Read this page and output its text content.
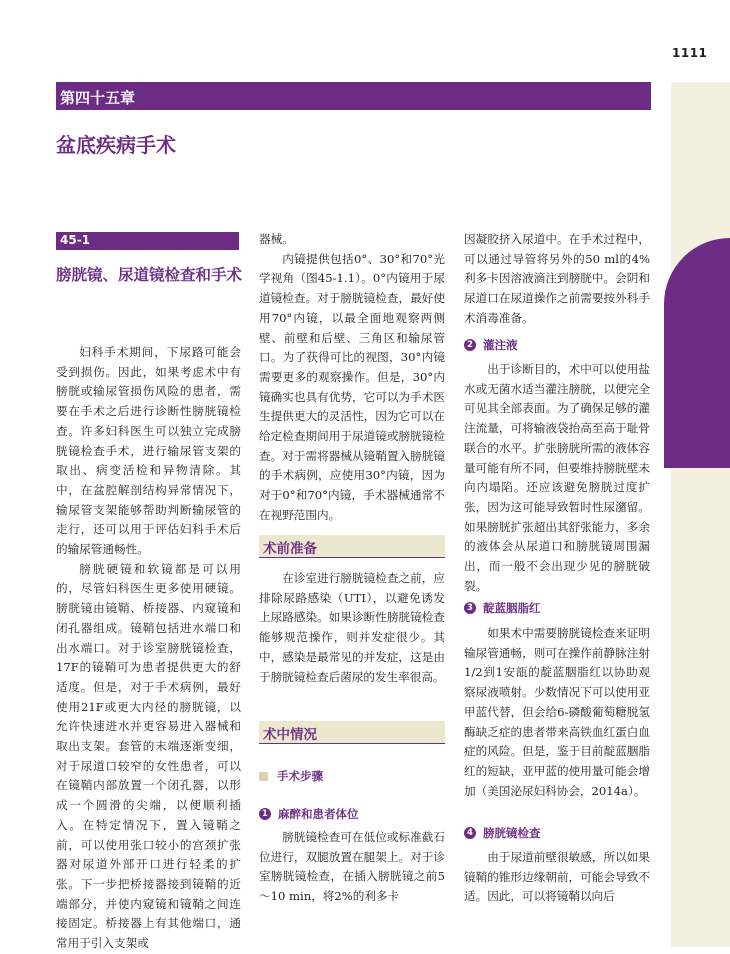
1111
第四十五章
盆底疾病手术
45-1
膀胱镜、尿道镜检查和手术

妇科手术期间，下尿路可能会受到损伤。因此，如果考虑术中有膀胱或输尿管损伤风险的患者，需要在手术之后进行诊断性膀胱镜检查。许多妇科医生可以独立完成膀胱镜检查手术，进行输尿管支架的取出、病变活检和异物清除。其中，在盆腔解剖结构异常情况下，输尿管支架能够帮助判断输尿管的走行，还可以用于评估妇科手术后的输尿管通畅性。

膀胱硬镜和软镜都是可以用的，尽管妇科医生更多使用硬镜。膀胱镜由镜鞘、桥接器、内窥镜和闭孔器组成。镜鞘包括进水端口和出水端口。对于诊室膀胱镜检查，17F的镜鞘可为患者提供更大的舒适度。但是，对于手术病例，最好使用21F或更大内径的膀胱镜，以允许快速进水并更容易进入器械和取出支架。套管的末端逐渐变细，对于尿道口较窄的女性患者，可以在镜鞘内部放置一个闭孔器，以形成一个圆滑的尖端，以便顺利插入。在特定情况下，置入镜鞘之前，可以使用张口较小的宫颈扩张器对尿道外部开口进行轻柔的扩张。下一步把桥接器接到镜鞘的近端部分，并使内窥镜和镜鞘之间连接固定。桥接器上有其他端口，通常用于引入支架或

器械。

内镜提供包括0°、30°和70°光学视角（图45-1.1）。0°内镜用于尿道镜检查。对于膀胱镜检查，最好使用70°内镜，以最全面地观察两侧壁、前壁和后壁、三角区和输尿管口。为了获得可比的视图，30°内镜需要更多的观察操作。但是，30°内镜确实也具有优势，它可以为手术医生提供更大的灵活性，因为它可以在给定检查期间用于尿道镜或膀胱镜检查。对于需将器械从镜鞘置入膀胱镜的手术病例，应使用30°内镜，因为对于0°和70°内镜，手术器械通常不在视野范围内。

术前准备

在诊室进行膀胱镜检查之前，应排除尿路感染（UTI），以避免诱发上尿路感染。如果诊断性膀胱镜检查能够规范操作，则并发症很少。其中，感染是最常见的并发症，这是由于膀胱镜检查后菌尿的发生率很高。

术中情况
手术步骤
1 麻醉和患者体位

膀胱镜检查可在低位或标准截石位进行，双腿放置在腿架上。对于诊室膀胱镜检查，在插入膀胱镜之前5～10 min，将2%的利多卡

因凝胶挤入尿道中。在手术过程中，可以通过导管将另外的50 ml的4%利多卡因溶液滴注到膀胱中。会阴和尿道口在尿道操作之前需要按外科手术消毒准备。

2 灌注液

出于诊断目的，术中可以使用盐水或无菌水适当灌注膀胱，以便完全可见其全部表面。为了确保足够的灌注流量，可将输液袋抬高至高于耻骨联合的水平。扩张膀胱所需的液体容量可能有所不同，但要维持膀胱壁未向内塌陷。还应该避免膀胱过度扩张，因为这可能导致暂时性尿潴留。如果膀胱扩张超出其舒张能力，多余的液体会从尿道口和膀胱镜周围漏出，而一般不会出现少见的膀胱破裂。

3 靛蓝胭脂红

如果术中需要膀胱镜检查来证明输尿管通畅，则可在操作前静脉注射1/2到1安瓿的靛蓝胭脂红以协助观察尿液喷射。少数情况下可以使用亚甲蓝代替，但会给6-磷酸葡萄糖脱氢酶缺乏症的患者带来高铁血红蛋白血症的风险。但是，鉴于目前靛蓝胭脂红的短缺，亚甲蓝的使用量可能会增加（美国泌尿妇科协会，2014a）。

4 膀胱镜检查

由于尿道前壁很敏感，所以如果镜鞘的锥形边缘朝前，可能会导致不适。因此，可以将镜鞘以向后
